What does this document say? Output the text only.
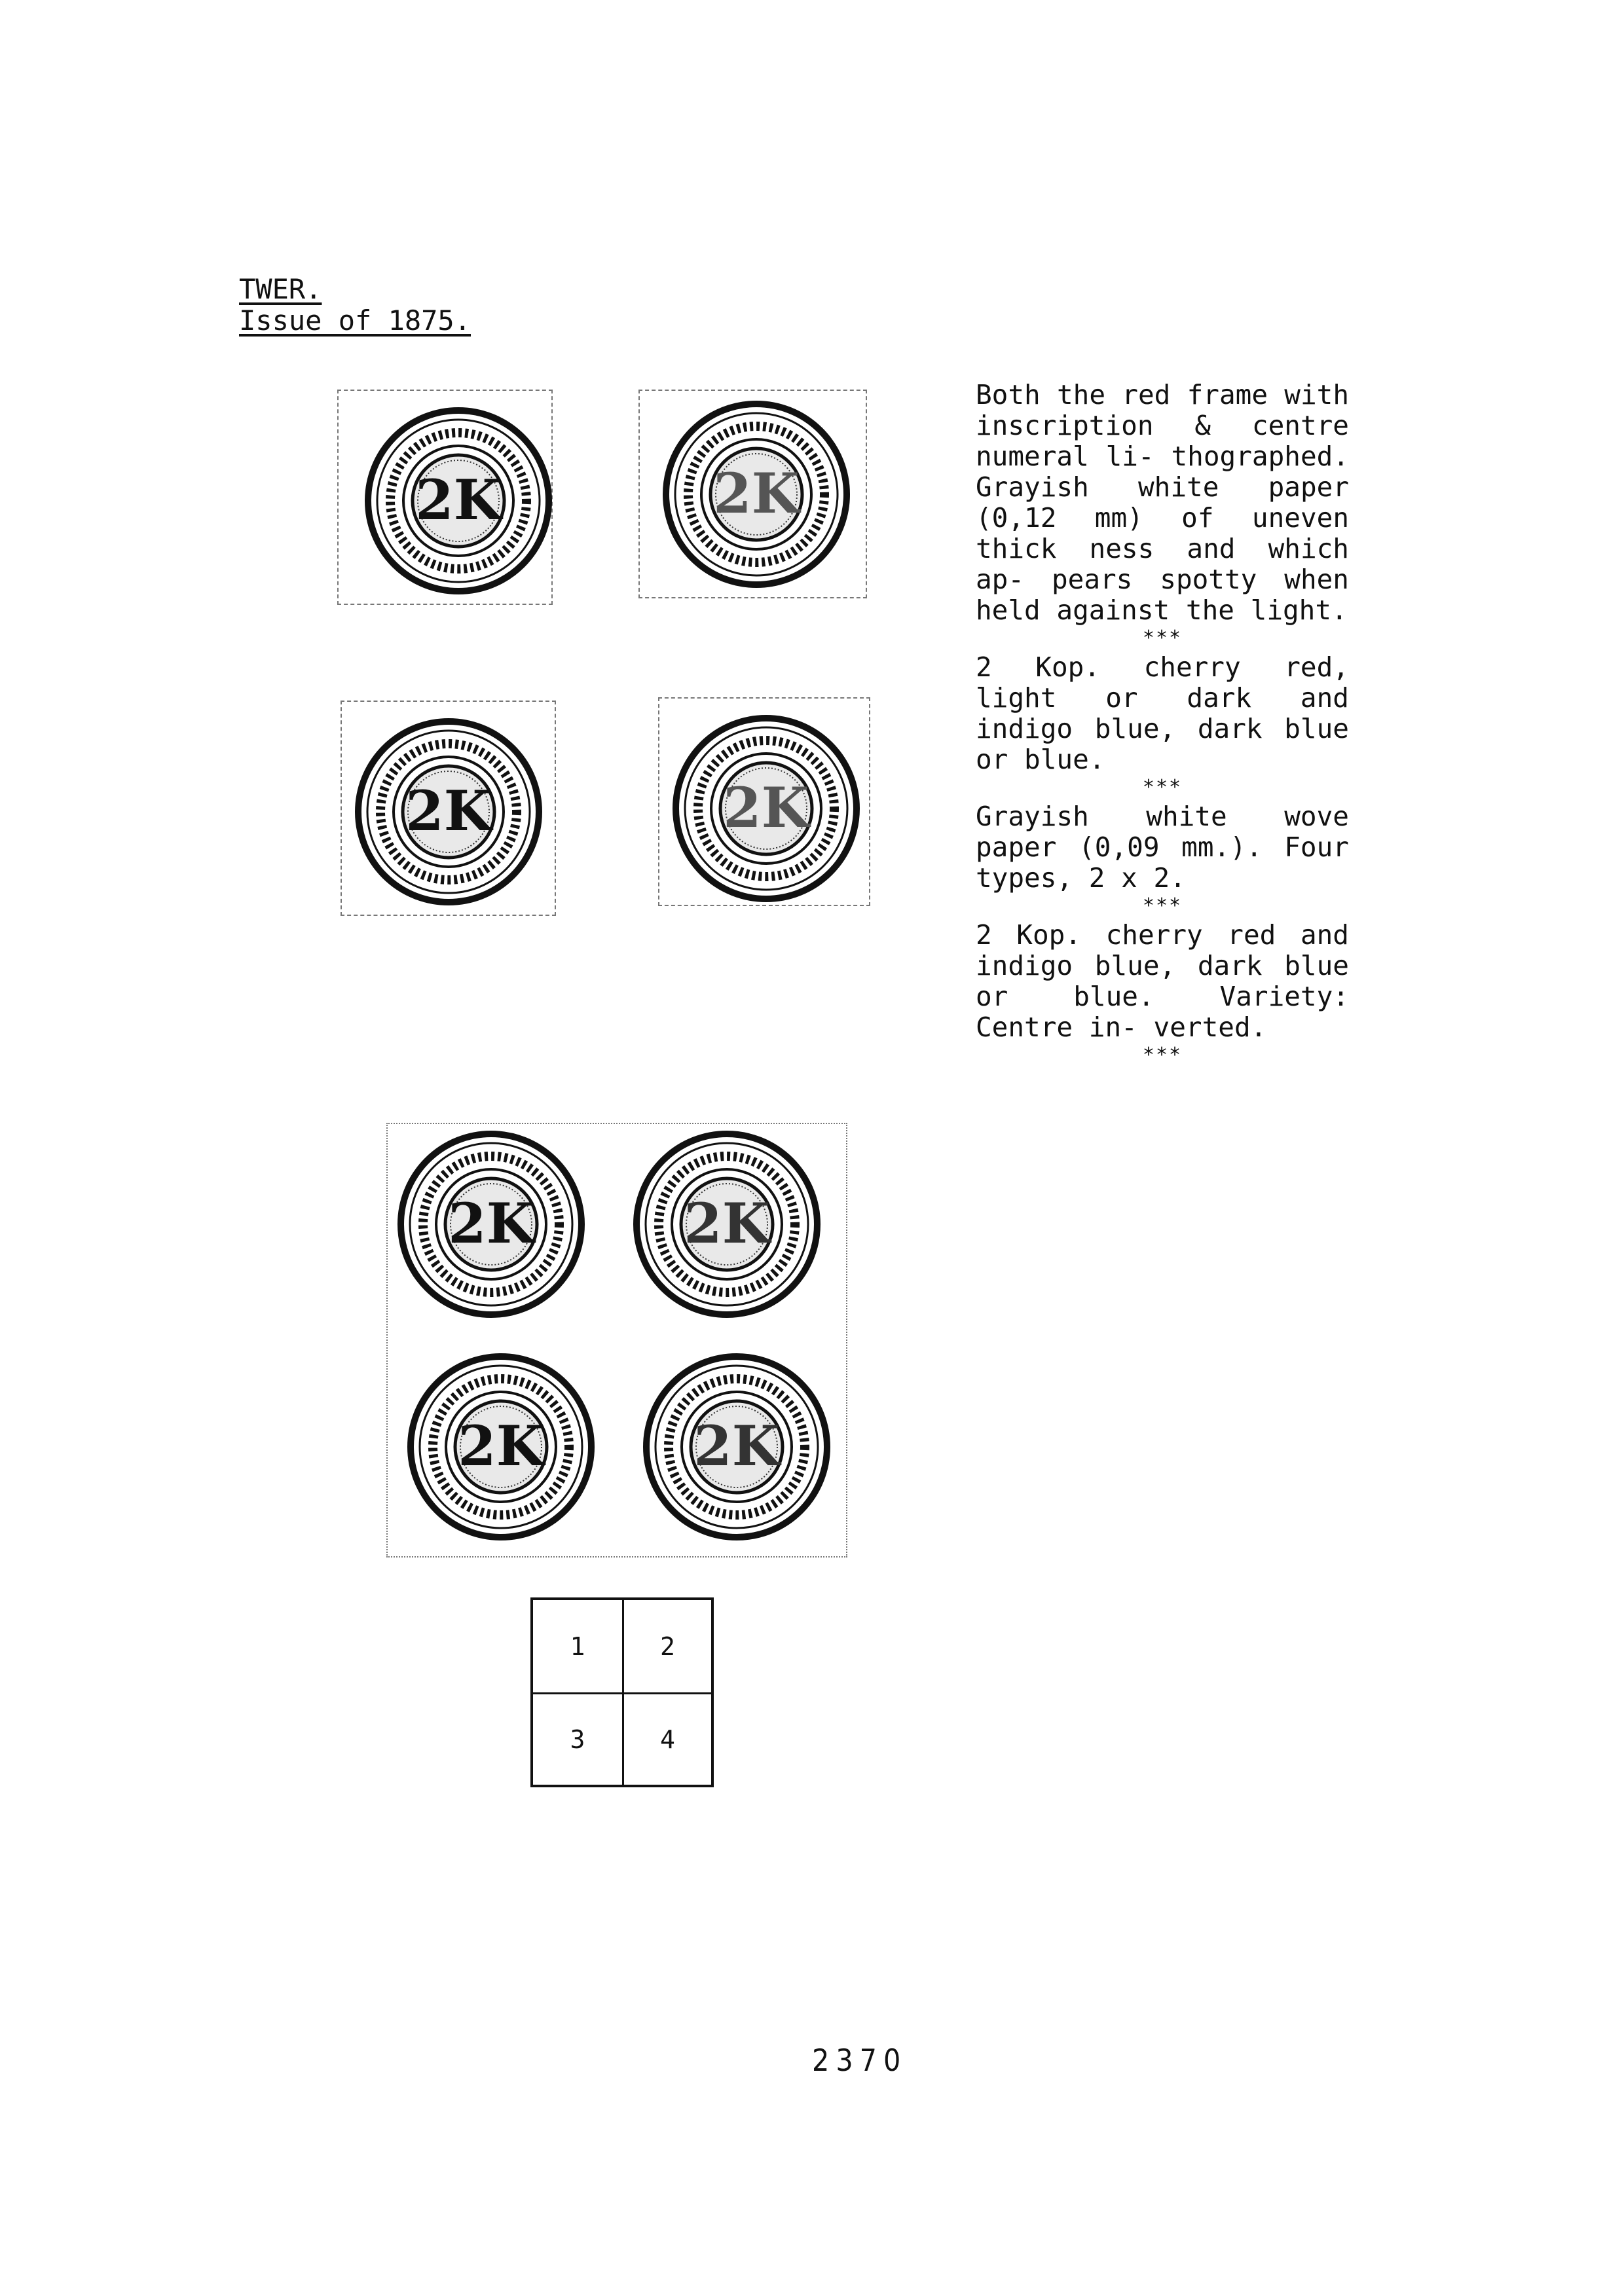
TWER.
Issue of 1875.
2K	2K
2K	2K
2K	2K
2K	2K
1	2
3	4

Both the red frame with inscription & centre numeral li- thographed. Grayish white paper (0,12 mm) of uneven thick ness and which ap- pears spotty when held against the light.

***

2 Kop. cherry red, light or dark and indigo blue, dark blue or blue.

***

Grayish white wove paper (0,09 mm.). Four types, 2 x 2.

***

2 Kop. cherry red and indigo blue, dark blue or blue. Variety: Centre in- verted.

***
2370
